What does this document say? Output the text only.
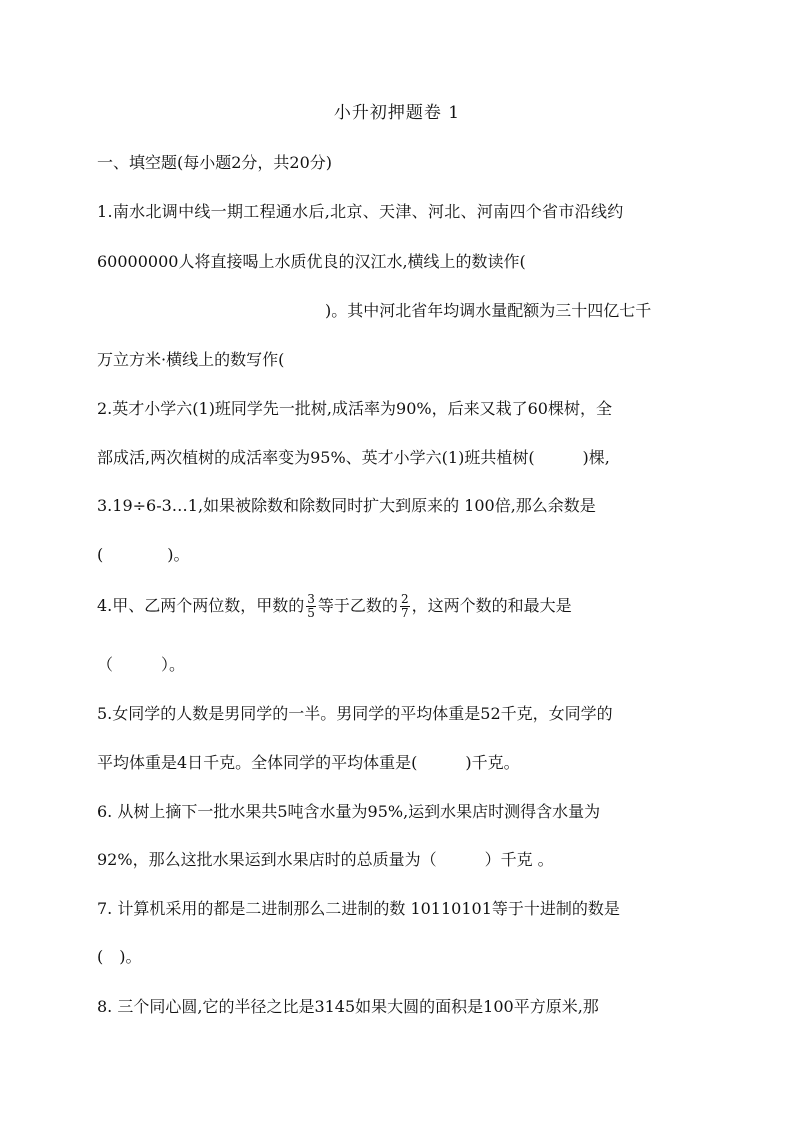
小升初押题卷 1
一、填空题(每小题2分，共20分)
1.南水北调中线一期工程通水后,北京、天津、河北、河南四个省市沿线约
60000000人将直接喝上水质优良的汉江水,横线上的数读作(
)。其中河北省年均调水量配额为三十四亿七千
万立方米·横线上的数写作(
2.英才小学六(1)班同学先一批树,成活率为90%，后来又栽了60棵树，全
部成活,两次植树的成活率变为95%、英才小学六(1)班共植树(　　　)棵,
3.19÷6-3…1,如果被除数和除数同时扩大到原来的 100倍,那么余数是
(　　　　)。
4.甲、乙两个两位数，甲数的 $\frac{3}{5}$ 等于乙数的 $\frac{2}{7}$ ，这两个数的和最大是
（　　　）。
5.女同学的人数是男同学的一半。男同学的平均体重是52千克，女同学的
平均体重是4日千克。全体同学的平均体重是(　　　)千克。
6. 从树上摘下一批水果共5吨含水量为95%,运到水果店时测得含水量为
92%，那么这批水果运到水果店时的总质量为（　　　）千克 。
7. 计算机采用的都是二进制那么二进制的数 10110101等于十进制的数是
(　)。
8. 三个同心圆,它的半径之比是3145如果大圆的面积是100平方原米,那
